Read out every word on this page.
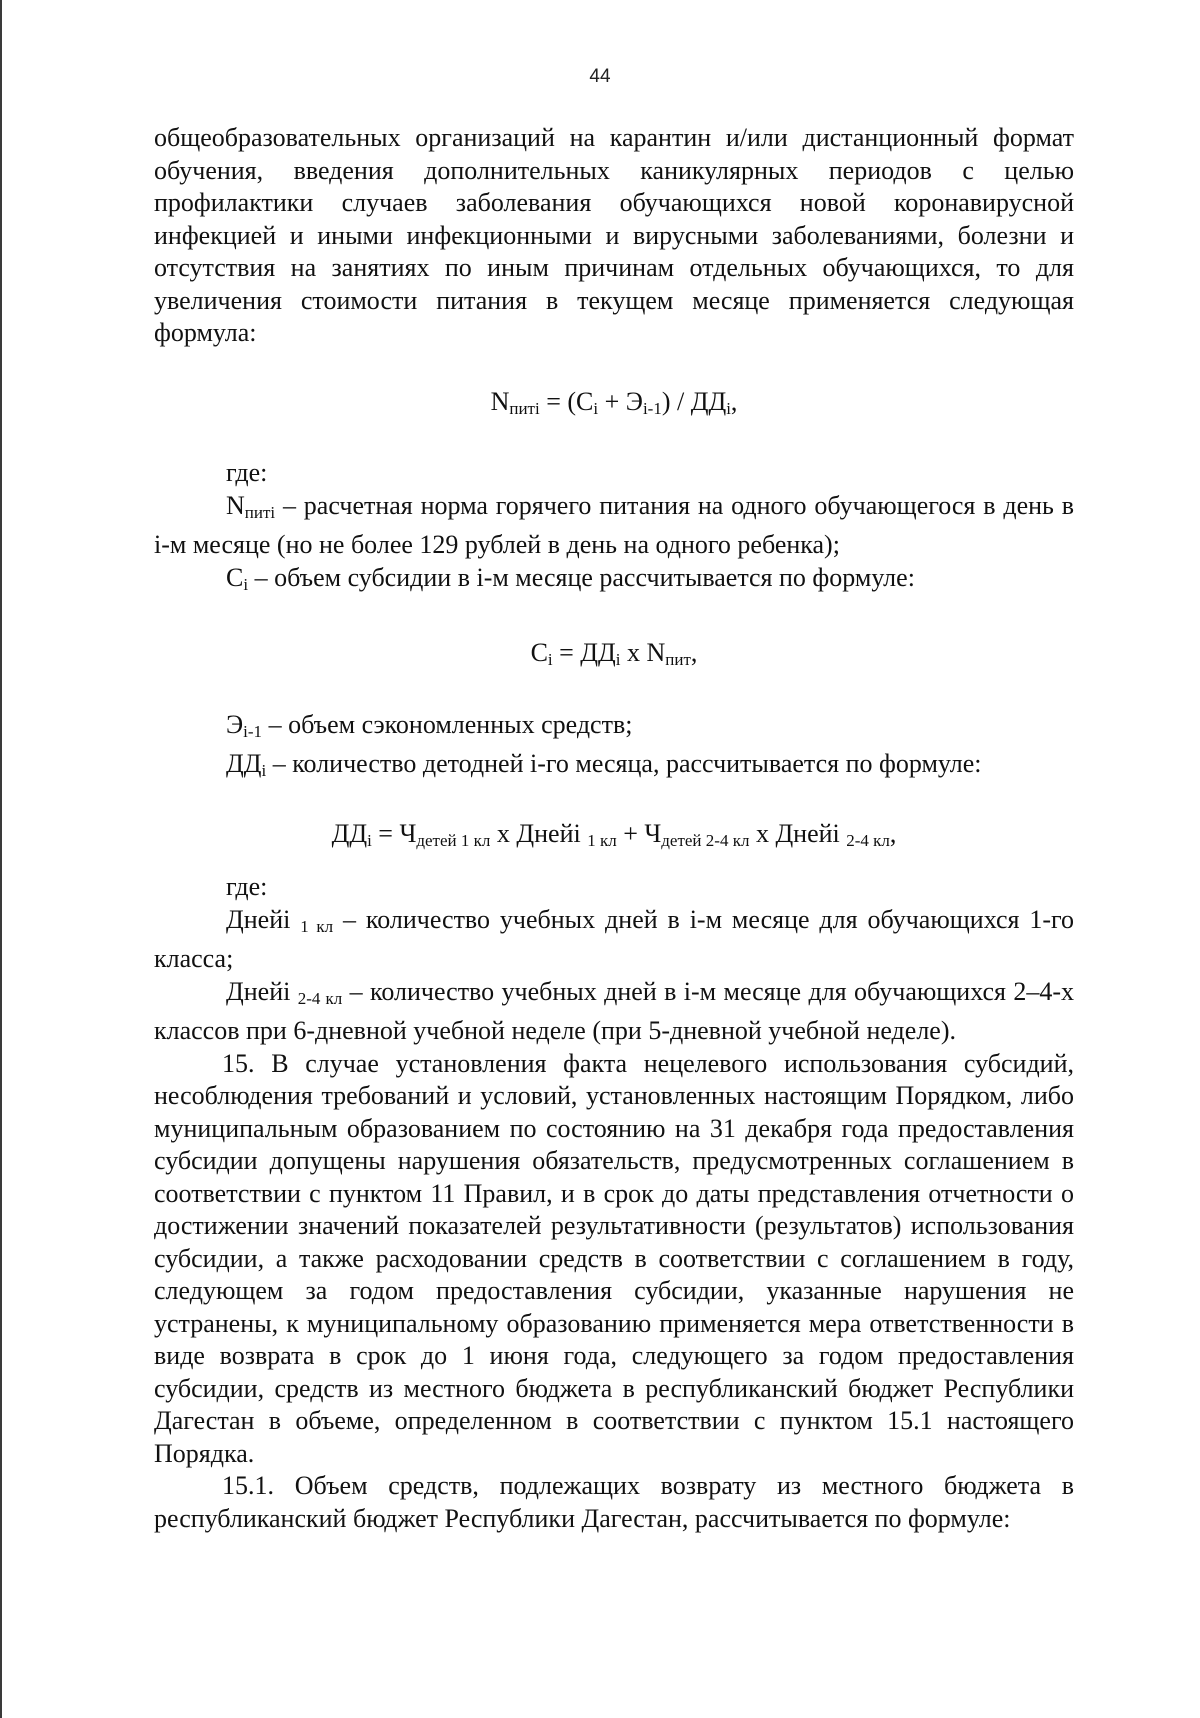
44

общеобразовательных организаций на карантин и/или дистанционный формат обучения, введения дополнительных каникулярных периодов с целью профилактики случаев заболевания обучающихся новой коронавирусной инфекцией и иными инфекционными и вирусными заболеваниями, болезни и отсутствия на занятиях по иным причинам отдельных обучающихся, то для увеличения стоимости питания в текущем месяце применяется следующая формула:

$N_{питi} = (C_i + Э_{i-1}) / ДД_i$,

где:

$N_{питi}$ – расчетная норма горячего питания на одного обучающегося в день в i-м месяце (но не более 129 рублей в день на одного ребенка);

$C_i$ – объем субсидии в i-м месяце рассчитывается по формуле:

$C_i = ДД_i$ x $N_{пит}$,

$Э_{i-1}$ – объем сэкономленных средств;

$ДД_i$ – количество детодней i-го месяца, рассчитывается по формуле:

$ДД_i = Ч_{детей 1 кл}$ х Днейi $_{1 кл} + Ч_{детей 2-4 кл}$ х Днейi $_{2-4 кл}$,

где:

Днейi $_{1 кл}$ – количество учебных дней в i-м месяце для обучающихся 1-го класса;

Днейi $_{2-4 кл}$ – количество учебных дней в i-м месяце для обучающихся 2–4-х классов при 6-дневной учебной неделе (при 5-дневной учебной неделе).

15. В случае установления факта нецелевого использования субсидий, несоблюдения требований и условий, установленных настоящим Порядком, либо муниципальным образованием по состоянию на 31 декабря года предоставления субсидии допущены нарушения обязательств, предусмотренных соглашением в соответствии с пунктом 11 Правил, и в срок до даты представления отчетности о достижении значений показателей результативности (результатов) использования субсидии, а также расходовании средств в соответствии с соглашением в году, следующем за годом предоставления субсидии, указанные нарушения не устранены, к муниципальному образованию применяется мера ответственности в виде возврата в срок до 1 июня года, следующего за годом предоставления субсидии, средств из местного бюджета в республиканский бюджет Республики Дагестан в объеме, определенном в соответствии с пунктом 15.1 настоящего Порядка.

15.1. Объем средств, подлежащих возврату из местного бюджета в республиканский бюджет Республики Дагестан, рассчитывается по формуле:
